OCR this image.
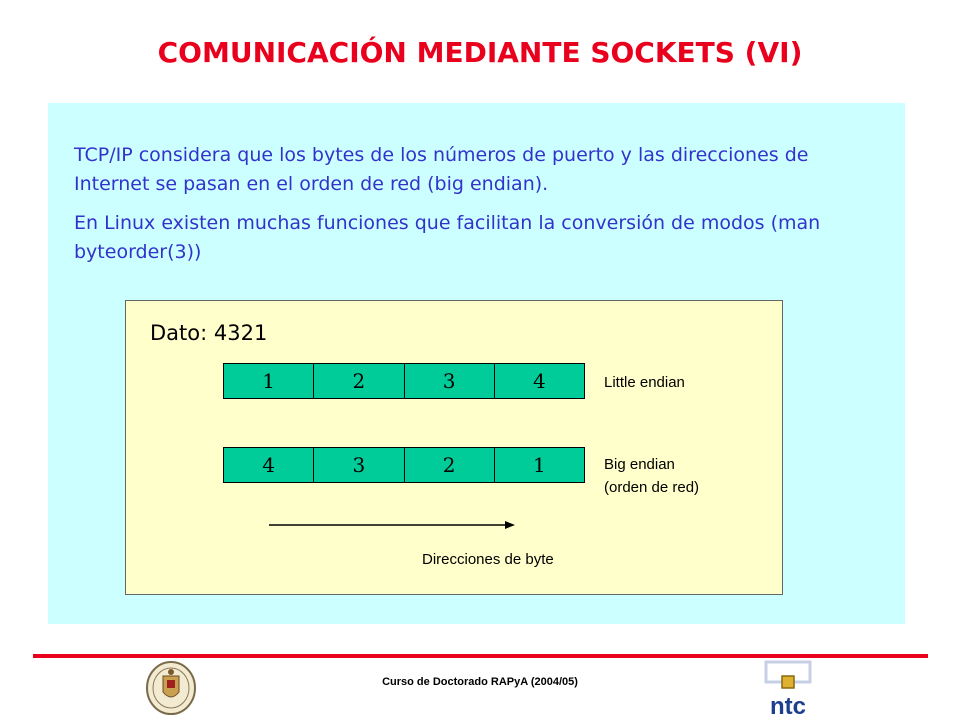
COMUNICACIÓN MEDIANTE SOCKETS (VI)
TCP/IP considera que los bytes de los números de puerto y las direcciones de Internet se pasan en el orden de red (big endian).
En Linux existen muchas funciones que facilitan la conversión de modos (man byteorder(3))
Dato: 4321
1	2	3	4	Little endian
4	3	2	1	Big endian
(orden de red)
Direcciones de byte
Curso de Doctorado RAPyA (2004/05)
ntc
